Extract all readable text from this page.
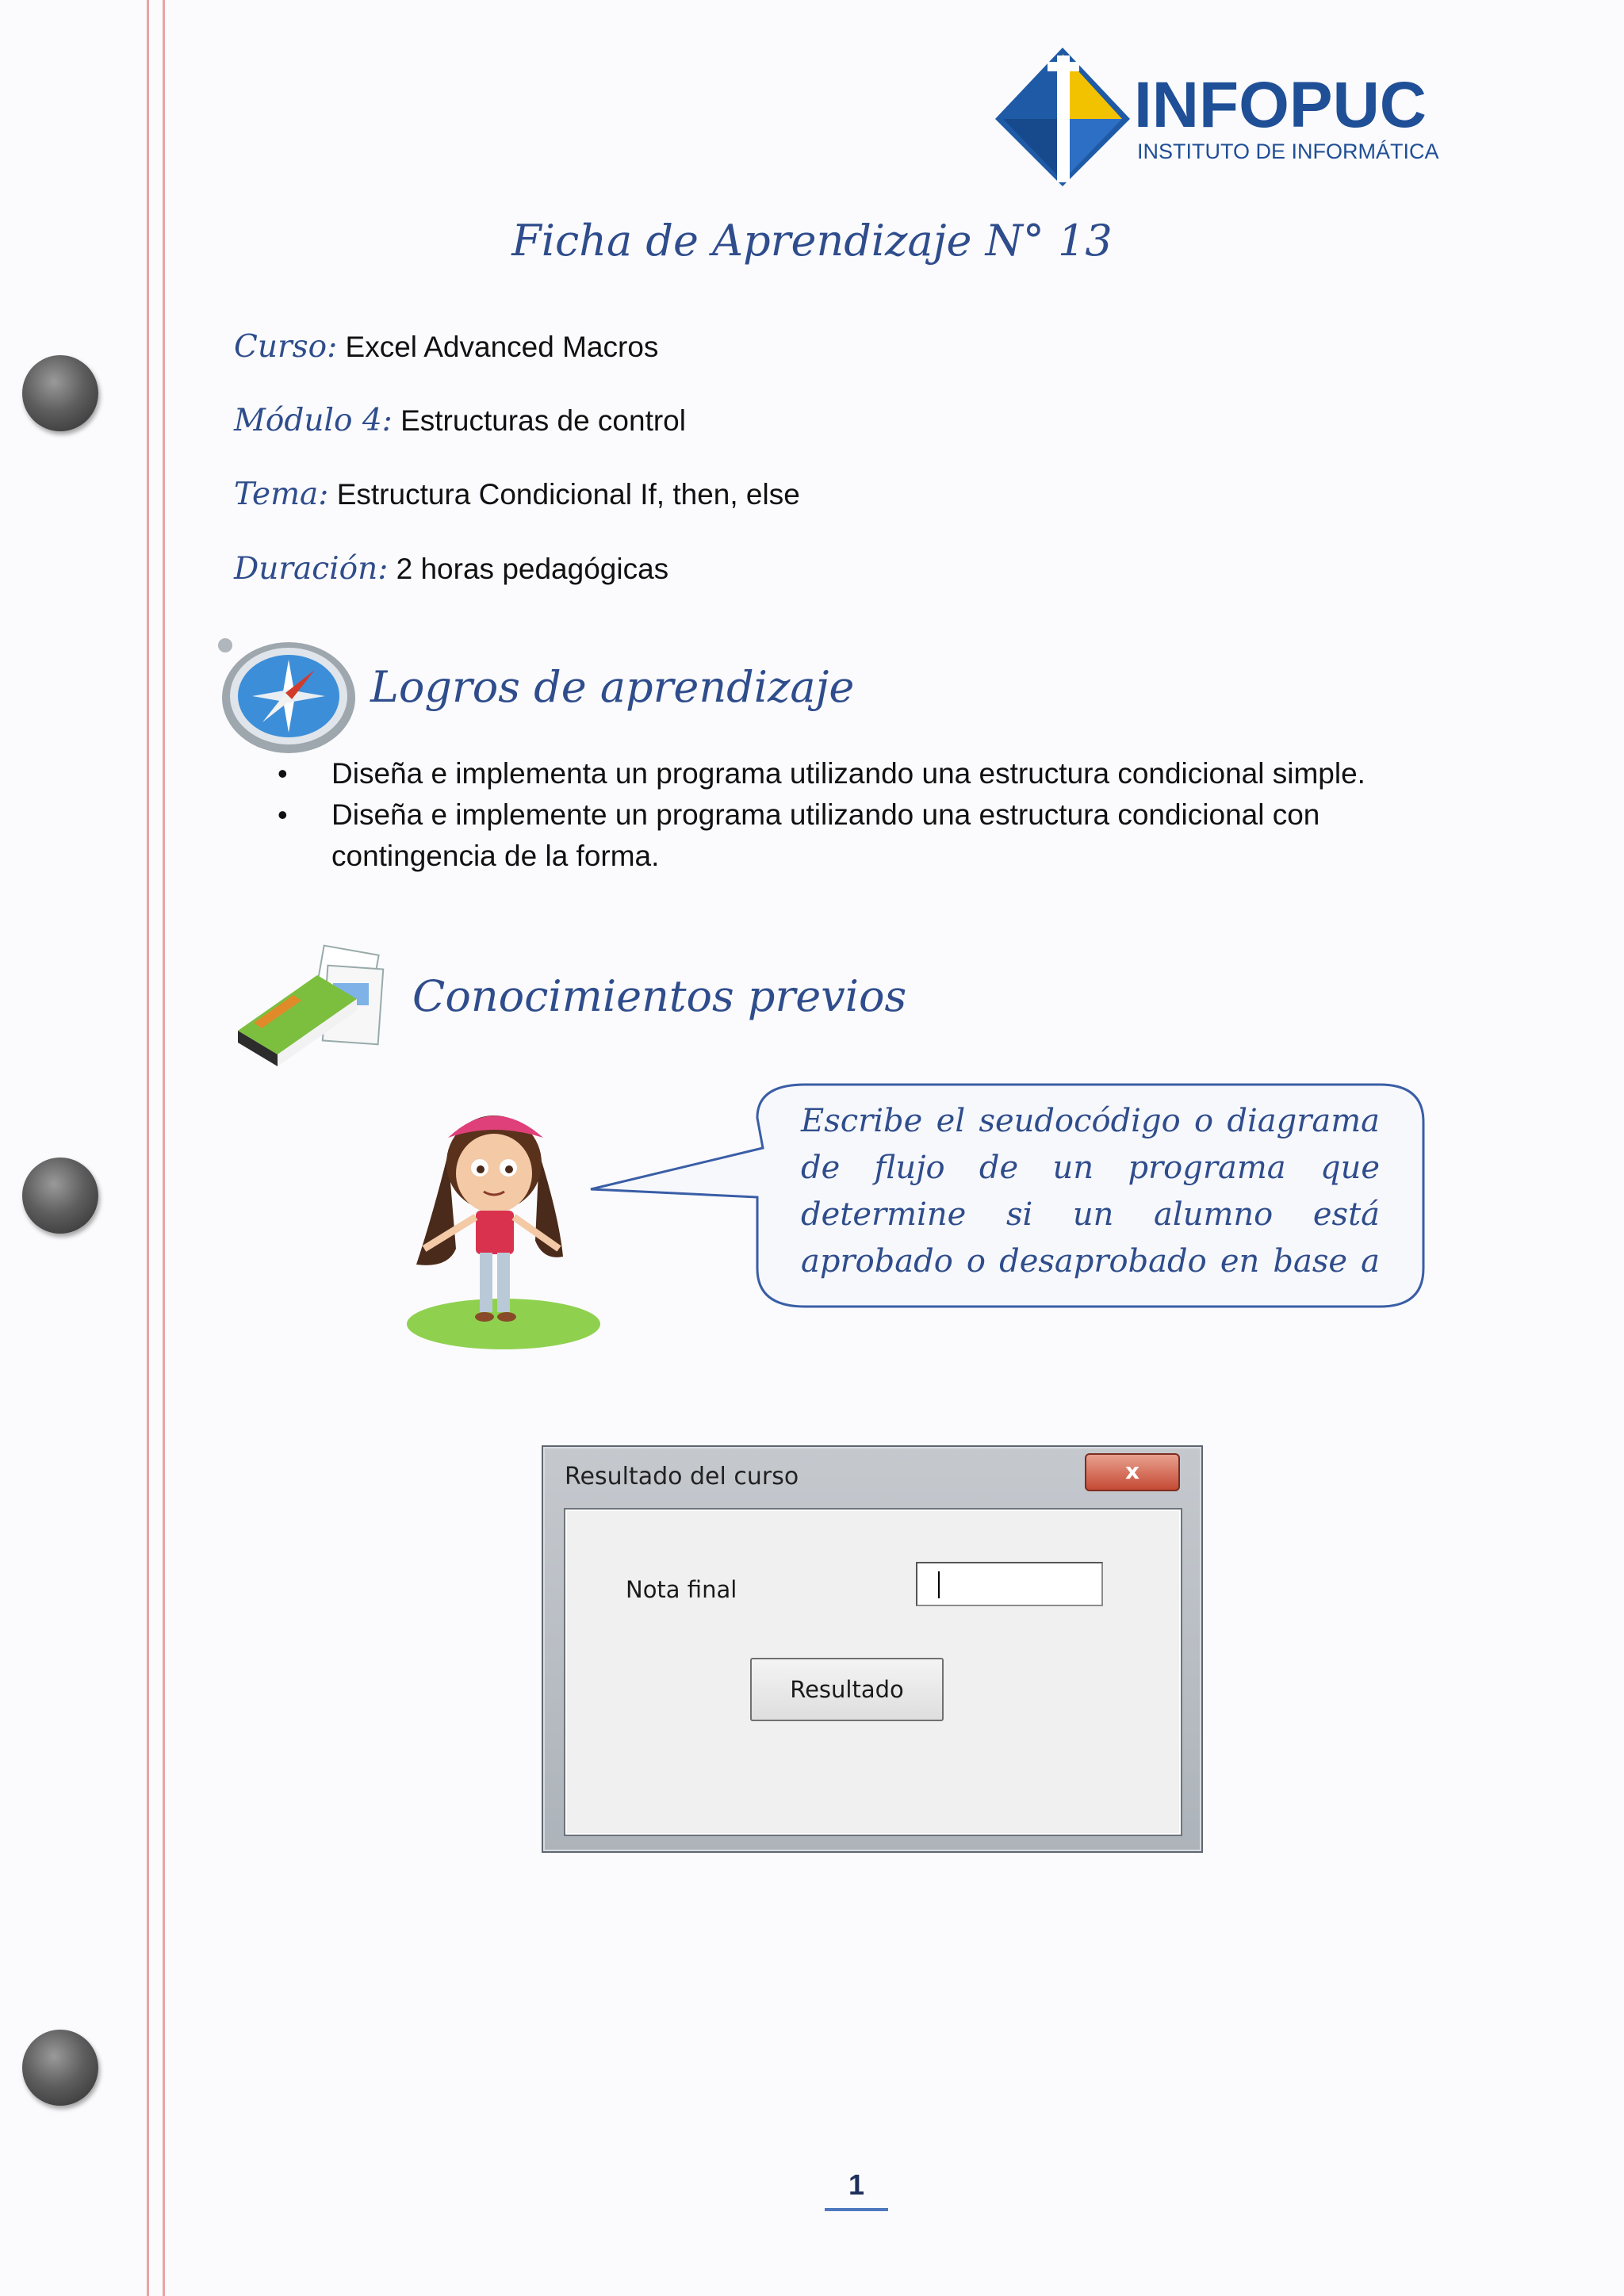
INFOPUC
INSTITUTO DE INFORMÁTICA
Ficha de Aprendizaje N° 13
Curso: Excel Advanced Macros
Módulo 4: Estructuras de control
Tema: Estructura Condicional If, then, else
Duración: 2 horas pedagógicas
Logros de aprendizaje
• Diseña e implementa un programa utilizando una estructura condicional simple.
• Diseña e implemente un programa utilizando una estructura condicional con contingencia de la forma.
Conocimientos previos
Escribe el seudocódigo o diagrama de flujo de un programa que determine si un alumno está aprobado o desaprobado en base a
Resultado del curso	x
Nota final
Resultado
1
